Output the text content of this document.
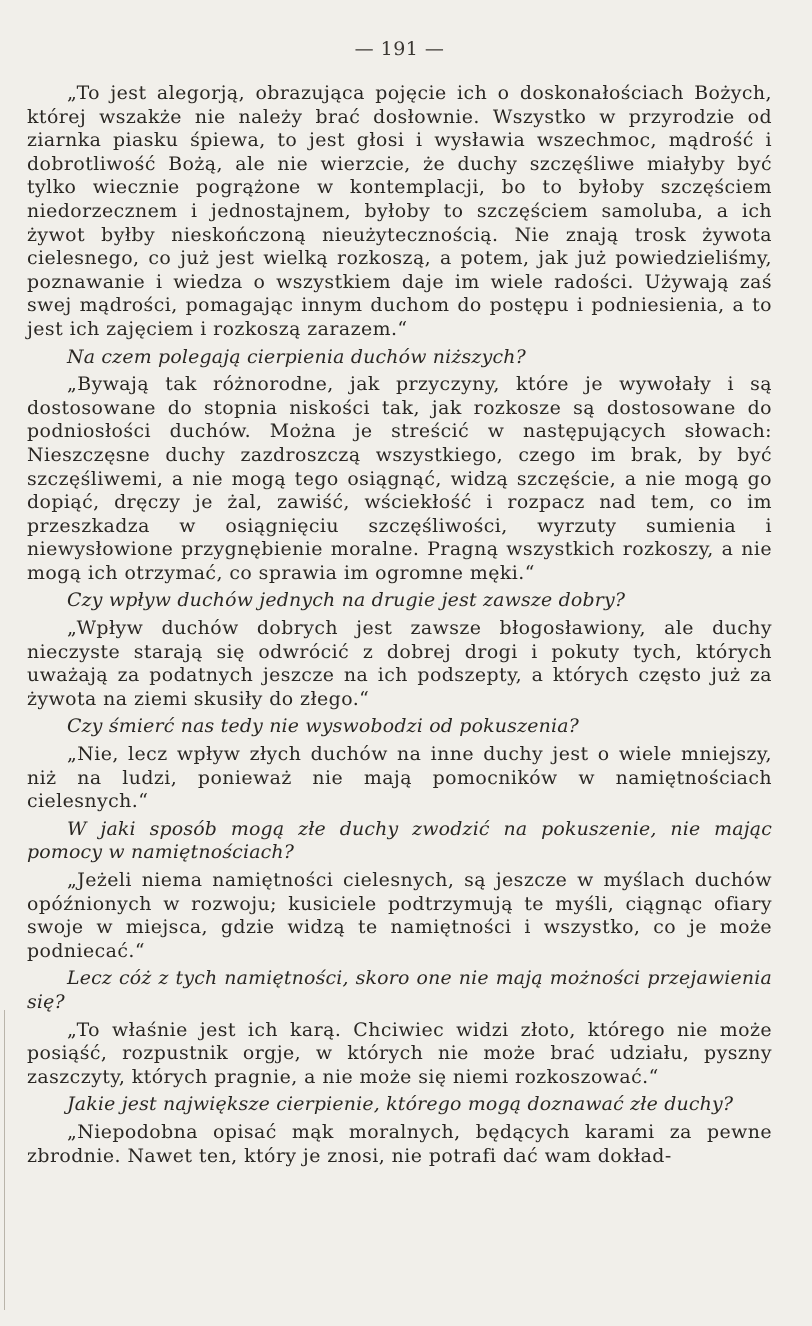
— 191 —

„To jest alegorją, obrazująca pojęcie ich o doskonałościach Bożych, której wszakże nie należy brać dosłownie. Wszystko w przyrodzie od ziarnka piasku śpiewa, to jest głosi i wysławia wszechmoc, mądrość i dobrotliwość Bożą, ale nie wierzcie, że duchy szczęśliwe miałyby być tylko wiecznie pogrążone w kontemplacji, bo to byłoby szczęściem niedorzecznem i jednostajnem, byłoby to szczęściem samoluba, a ich żywot byłby nieskończoną nieużytecznością. Nie znają trosk żywota cielesnego, co już jest wielką rozkoszą, a potem, jak już powiedzieliśmy, poznawanie i wiedza o wszystkiem daje im wiele radości. Używają zaś swej mądrości, pomagając innym duchom do postępu i podniesienia, a to jest ich zajęciem i rozkoszą zarazem.“

Na czem polegają cierpienia duchów niższych?

„Bywają tak różnorodne, jak przyczyny, które je wywołały i są dostosowane do stopnia niskości tak, jak rozkosze są dostosowane do podniosłości duchów. Można je streścić w następujących słowach: Nieszczęsne duchy zazdroszczą wszystkiego, czego im brak, by być szczęśliwemi, a nie mogą tego osiągnąć, widzą szczęście, a nie mogą go dopiąć, dręczy je żal, zawiść, wściekłość i rozpacz nad tem, co im przeszkadza w osiągnięciu szczęśliwości, wyrzuty sumienia i niewysłowione przygnębienie moralne. Pragną wszystkich rozkoszy, a nie mogą ich otrzymać, co sprawia im ogromne męki.“

Czy wpływ duchów jednych na drugie jest zawsze dobry?

„Wpływ duchów dobrych jest zawsze błogosławiony, ale duchy nieczyste starają się odwrócić z dobrej drogi i pokuty tych, których uważają za podatnych jeszcze na ich podszepty, a których często już za żywota na ziemi skusiły do złego.“

Czy śmierć nas tedy nie wyswobodzi od pokuszenia?

„Nie, lecz wpływ złych duchów na inne duchy jest o wiele mniejszy, niż na ludzi, ponieważ nie mają pomocników w namiętnościach cielesnych.“

W jaki sposób mogą złe duchy zwodzić na pokuszenie, nie mając pomocy w namiętnościach?

„Jeżeli niema namiętności cielesnych, są jeszcze w myślach duchów opóźnionych w rozwoju; kusiciele podtrzymują te myśli, ciągnąc ofiary swoje w miejsca, gdzie widzą te namiętności i wszystko, co je może podniecać.“

Lecz cóż z tych namiętności, skoro one nie mają możności przejawienia się?

„To właśnie jest ich karą. Chciwiec widzi złoto, którego nie może posiąść, rozpustnik orgje, w których nie może brać udziału, pyszny zaszczyty, których pragnie, a nie może się niemi rozkoszować.“

Jakie jest największe cierpienie, którego mogą doznawać złe duchy?

„Niepodobna opisać mąk moralnych, będących karami za pewne zbrodnie. Nawet ten, który je znosi, nie potrafi dać wam dokład-
